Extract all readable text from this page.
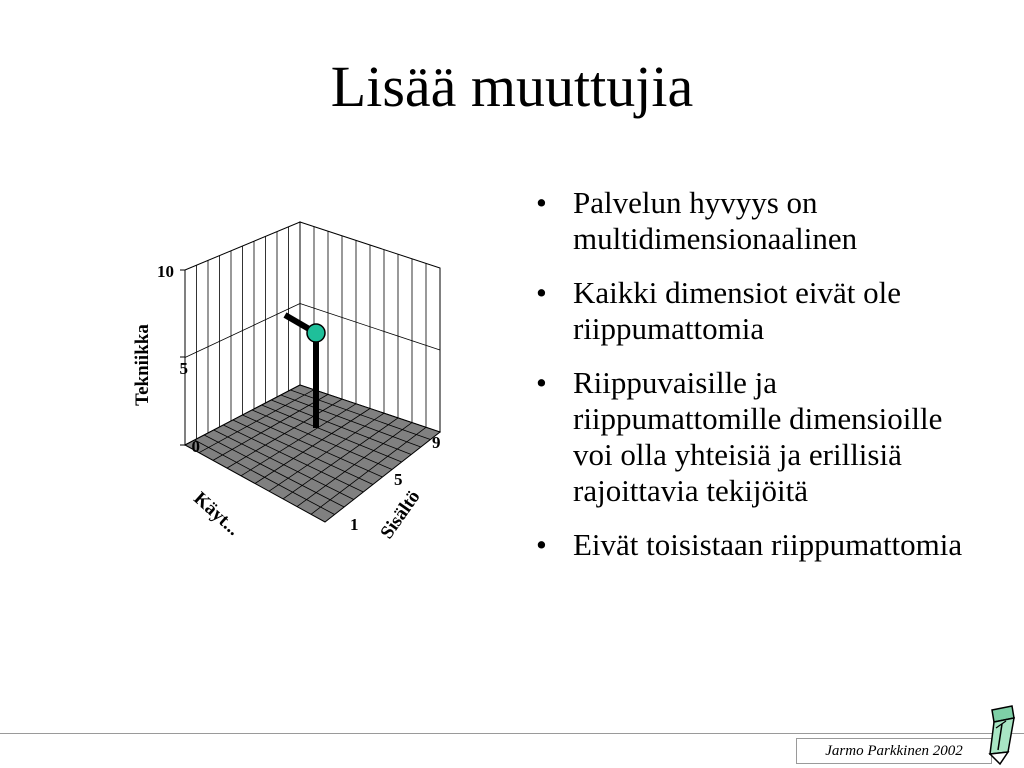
Lisää muuttujia
10
5
0
Tekniikka
9
5
1 Sisältö
Käyt...
• Palvelun hyvyys on multidimensionaalinen
• Kaikki dimensiot eivät ole riippumattomia
• Riippuvaisille ja riippumattomille dimensioille voi olla yhteisiä ja erillisiä rajoittavia tekijöitä
• Eivät toisistaan riippumattomia
Jarmo Parkkinen 2002
